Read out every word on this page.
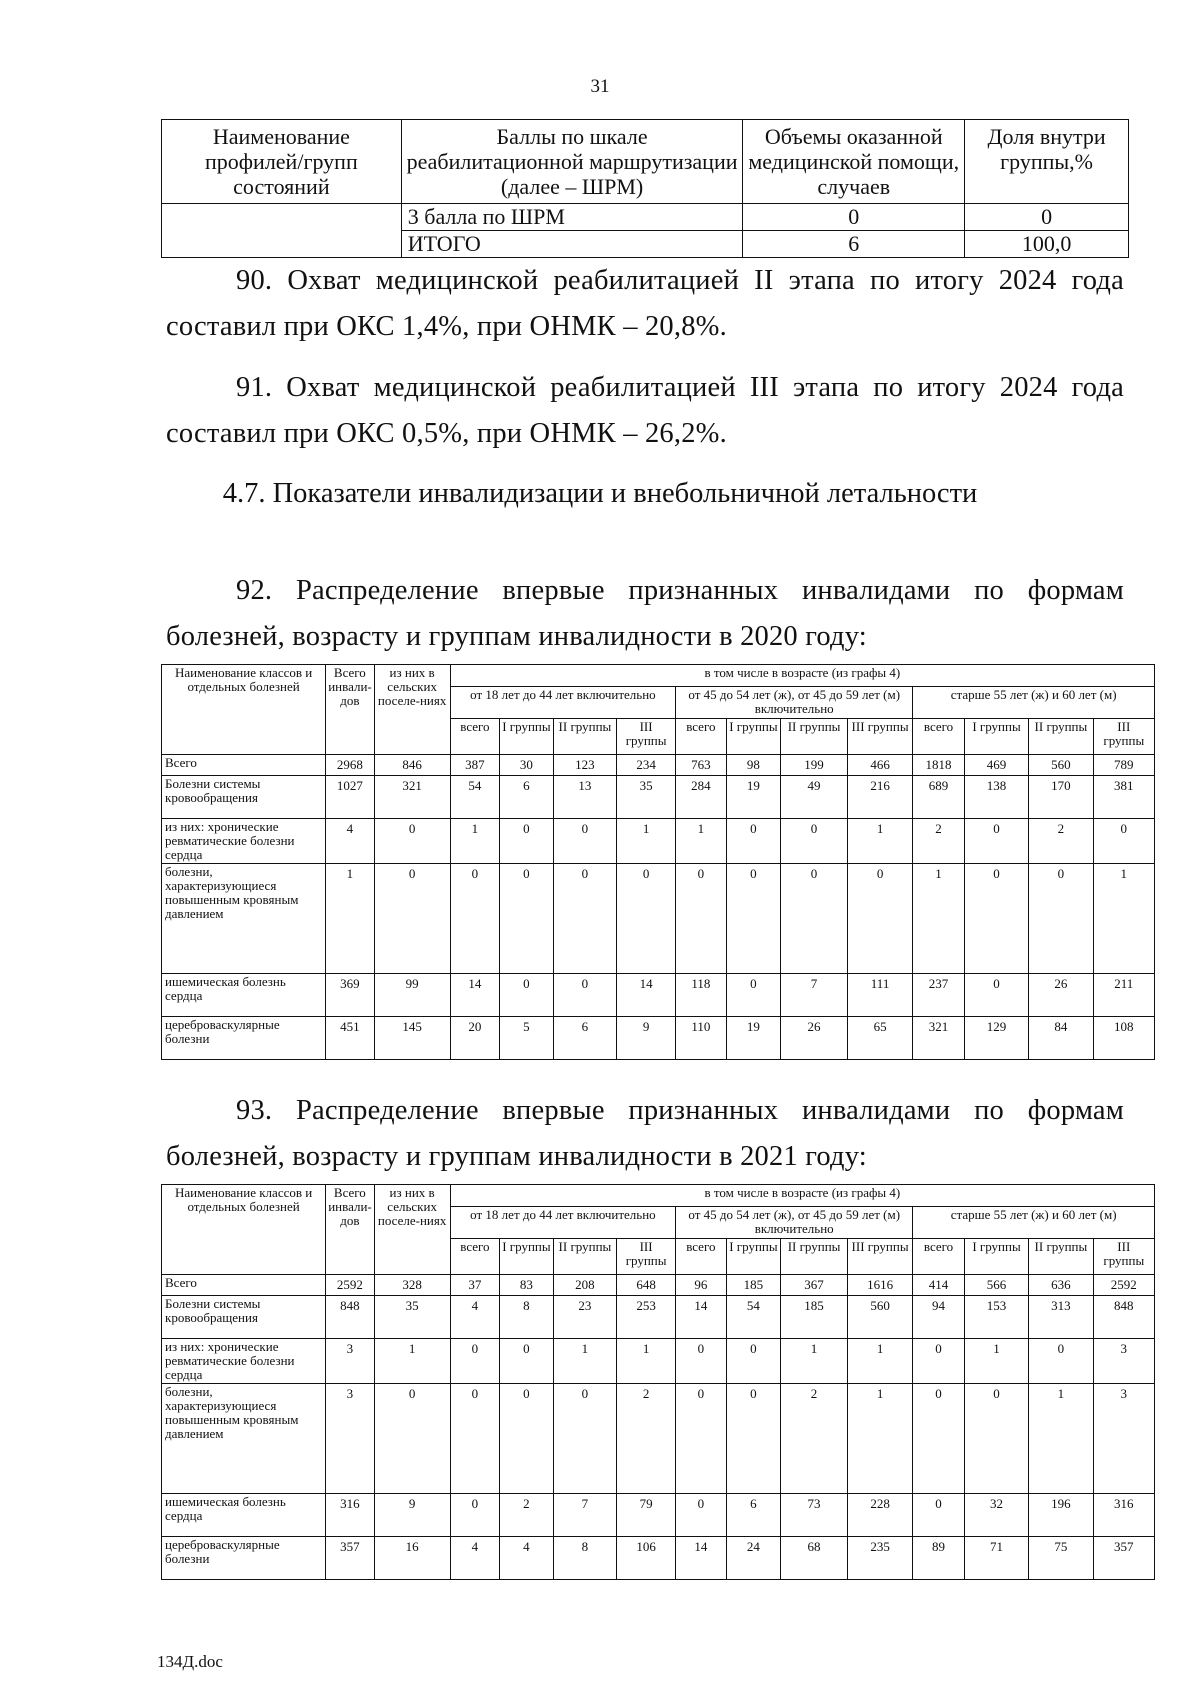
31
Наименование профилей/групп состояний	Баллы по шкале реабилитационной маршрутизации (далее – ШРМ)	Объемы оказанной медицинской помощи, случаев	Доля внутри группы,%
	3 балла по ШРМ	0	0
	ИТОГО	6	100,0

90. Охват медицинской реабилитацией II этапа по итогу 2024 года составил при ОКС 1,4%, при ОНМК – 20,8%.

91. Охват медицинской реабилитацией III этапа по итогу 2024 года составил при ОКС 0,5%, при ОНМК – 26,2%.

4.7. Показатели инвалидизации и внебольничной летальности

92. Распределение впервые признанных инвалидами по формам болезней, возрасту и группам инвалидности в 2020 году:

Наименование классов и отдельных болезней	Всего инвали-дов	из них в сельских поселе-ниях	в том числе в возрасте (из графы 4)											
			от 18 лет до 44 лет включительно				от 45 до 54 лет (ж), от 45 до 59 лет (м) включительно				старше 55 лет (ж) и 60 лет (м)			
			всего	I группы	II группы	III группы	всего	I группы	II группы	III группы	всего	I группы	II группы	III группы
Всего	2968	846	387	30	123	234	763	98	199	466	1818	469	560	789
Болезни системы кровообращения	1027	321	54	6	13	35	284	19	49	216	689	138	170	381
из них: хронические ревматические болезни сердца	4	0	1	0	0	1	1	0	0	1	2	0	2	0
болезни, характеризующиеся повышенным кровяным давлением	1	0	0	0	0	0	0	0	0	0	1	0	0	1
ишемическая болезнь сердца	369	99	14	0	0	14	118	0	7	111	237	0	26	211
цереброваскулярные болезни	451	145	20	5	6	9	110	19	26	65	321	129	84	108

93. Распределение впервые признанных инвалидами по формам болезней, возрасту и группам инвалидности в 2021 году:

Наименование классов и отдельных болезней	Всего инвали-дов	из них в сельских поселе-ниях	в том числе в возрасте (из графы 4)											
			от 18 лет до 44 лет включительно				от 45 до 54 лет (ж), от 45 до 59 лет (м) включительно				старше 55 лет (ж) и 60 лет (м)			
			всего	I группы	II группы	III группы	всего	I группы	II группы	III группы	всего	I группы	II группы	III группы
Всего	2592	328	37	83	208	648	96	185	367	1616	414	566	636	2592
Болезни системы кровообращения	848	35	4	8	23	253	14	54	185	560	94	153	313	848
из них: хронические ревматические болезни сердца	3	1	0	0	1	1	0	0	1	1	0	1	0	3
болезни, характеризующиеся повышенным кровяным давлением	3	0	0	0	0	2	0	0	2	1	0	0	1	3
ишемическая болезнь сердца	316	9	0	2	7	79	0	6	73	228	0	32	196	316
цереброваскулярные болезни	357	16	4	4	8	106	14	24	68	235	89	71	75	357
134Д.doc
